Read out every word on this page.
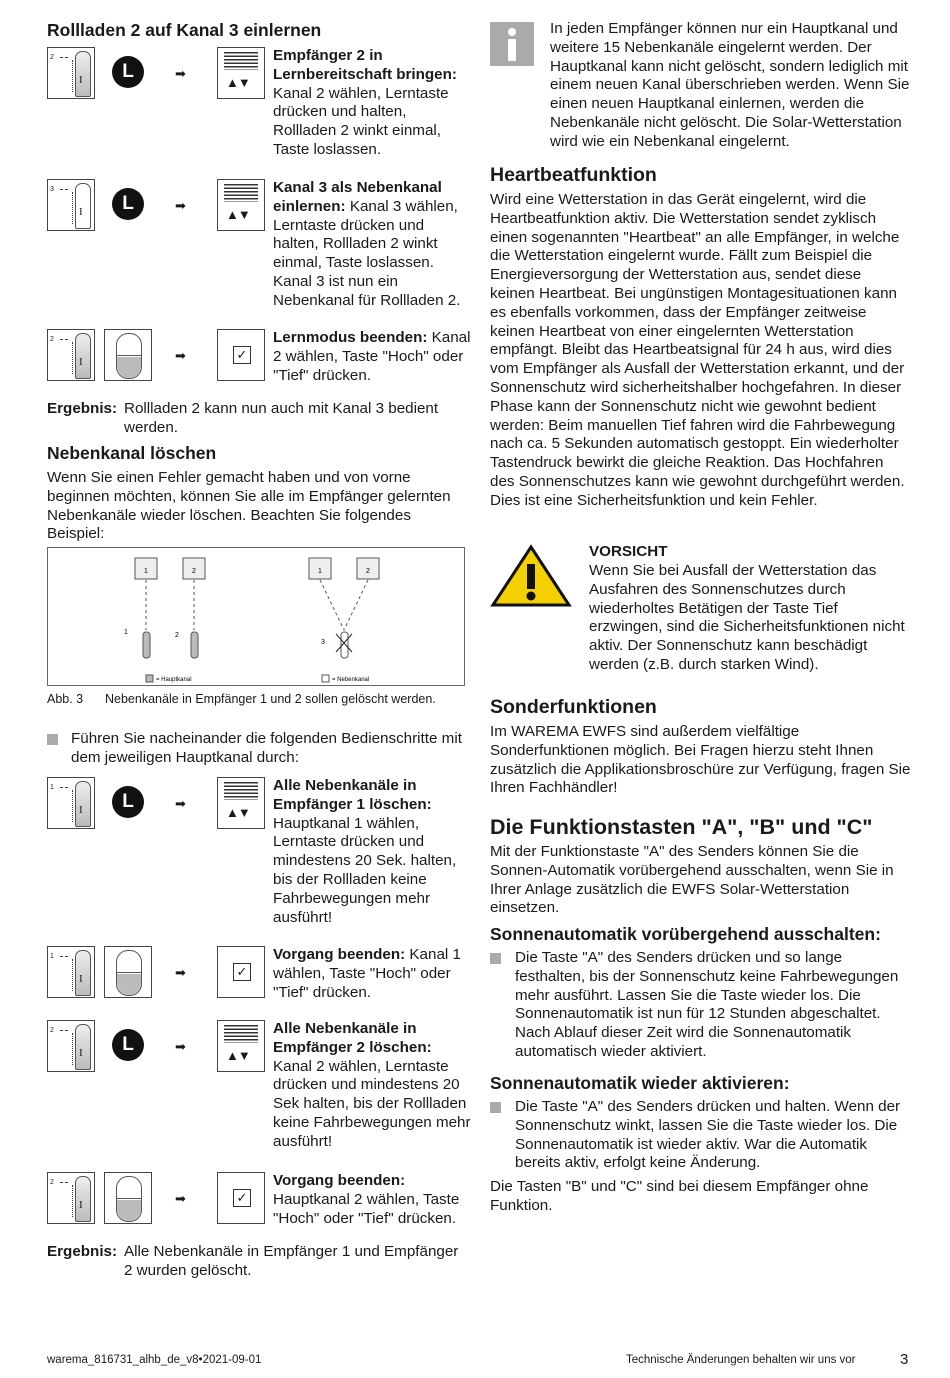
Rollladen 2 auf Kanal 3 einlernen
2
I	L	➡
▲▼
Empfänger 2 in Lernbereitschaft bringen: Kanal 2 wählen, Lerntaste drücken und halten, Rollladen 2 winkt einmal, Taste loslassen.
3
I	L	➡
▲▼
Kanal 3 als Nebenkanal einlernen: Kanal 3 wählen, Lerntaste drücken und halten, Rollladen 2 winkt einmal, Taste loslassen. Kanal 3 ist nun ein Nebenkanal für Rollladen 2.
2
I	➡	✓
Lernmodus beenden: Kanal 2 wählen, Taste "Hoch" oder "Tief" drücken.
Ergebnis: Rollladen 2 kann nun auch mit Kanal 3 bedient werden.
Nebenkanal löschen
Wenn Sie einen Fehler gemacht haben und von vorne beginnen möchten, können Sie alle im Empfänger gelernten Nebenkanäle wieder löschen. Beachten Sie folgendes Beispiel:
1	2	1	2
1	2
3
= Hauptkanal	= Nebenkanal
Abb. 3 Nebenkanäle in Empfänger 1 und 2 sollen gelöscht werden.
Führen Sie nacheinander die folgenden Bedienschritte mit dem jeweiligen Hauptkanal durch:
1
I	L	➡
▲▼
Alle Nebenkanäle in Empfänger 1 löschen: Hauptkanal 1 wählen, Lerntaste drücken und mindestens 20 Sek. halten, bis der Rollladen keine Fahrbewegungen mehr ausführt!
1
I	➡	✓
Vorgang beenden: Kanal 1 wählen, Taste "Hoch" oder "Tief" drücken.
2
I	L	➡
▲▼
Alle Nebenkanäle in Empfänger 2 löschen: Kanal 2 wählen, Lerntaste drücken und mindestens 20 Sek halten, bis der Rollladen keine Fahrbewegungen mehr ausführt!
2
I	➡	✓
Vorgang beenden: Hauptkanal 2 wählen, Taste "Hoch" oder "Tief" drücken.
Ergebnis: Alle Nebenkanäle in Empfänger 1 und Empfänger 2 wurden gelöscht.
In jeden Empfänger können nur ein Hauptkanal und weitere 15 Nebenkanäle eingelernt werden. Der Hauptkanal kann nicht gelöscht, sondern lediglich mit einem neuen Kanal überschrieben werden. Wenn Sie einen neuen Hauptkanal einlernen, werden die Nebenkanäle nicht gelöscht. Die Solar-Wetterstation wird wie ein Nebenkanal eingelernt.
Heartbeatfunktion
Wird eine Wetterstation in das Gerät eingelernt, wird die Heartbeatfunktion aktiv. Die Wetterstation sendet zyklisch einen sogenannten "Heartbeat" an alle Empfänger, in welche die Wetterstation eingelernt wurde. Fällt zum Beispiel die Energieversorgung der Wetterstation aus, sendet diese keinen Heartbeat. Bei ungünstigen Montagesituationen kann es ebenfalls vorkommen, dass der Empfänger zeitweise keinen Heartbeat von einer eingelernten Wetterstation empfängt. Bleibt das Heartbeatsignal für 24 h aus, wird dies vom Empfänger als Ausfall der Wetterstation erkannt, und der Sonnenschutz wird sicherheitshalber hochgefahren. In dieser Phase kann der Sonnenschutz nicht wie gewohnt bedient werden: Beim manuellen Tief fahren wird die Fahrbewegung nach ca. 5 Sekunden automatisch gestoppt. Ein wiederholter Tastendruck bewirkt die gleiche Reaktion. Das Hochfahren des Sonnenschutzes kann wie gewohnt durchgeführt werden. Dies ist eine Sicherheitsfunktion und kein Fehler.
VORSICHT
Wenn Sie bei Ausfall der Wetterstation das Ausfahren des Sonnenschutzes durch wiederholtes Betätigen der Taste Tief erzwingen, sind die Sicherheitsfunktionen nicht aktiv. Der Sonnenschutz kann beschädigt werden (z.B. durch starken Wind).
Sonderfunktionen
Im WAREMA EWFS sind außerdem vielfältige Sonderfunktionen möglich. Bei Fragen hierzu steht Ihnen zusätzlich die Applikationsbroschüre zur Verfügung, fragen Sie Ihren Fachhändler!
Die Funktionstasten "A", "B" und "C"
Mit der Funktionstaste "A" des Senders können Sie die Sonnen-Automatik vorübergehend ausschalten, wenn Sie in Ihrer Anlage zusätzlich die EWFS Solar-Wetterstation einsetzen.
Sonnenautomatik vorübergehend ausschalten:
Die Taste "A" des Senders drücken und so lange festhalten, bis der Sonnenschutz keine Fahrbewegungen mehr ausführt. Lassen Sie die Taste wieder los. Die Sonnenautomatik ist nun für 12 Stunden abgeschaltet. Nach Ablauf dieser Zeit wird die Sonnenautomatik automatisch wieder aktiviert.
Sonnenautomatik wieder aktivieren:
Die Taste "A" des Senders drücken und halten. Wenn der Sonnenschutz winkt, lassen Sie die Taste wieder los. Die Sonnenautomatik ist wieder aktiv. War die Automatik bereits aktiv, erfolgt keine Änderung.
Die Tasten "B" und "C" sind bei diesem Empfänger ohne Funktion.
warema_816731_alhb_de_v8•2021-09-01	Technische Änderungen behalten wir uns vor	3
